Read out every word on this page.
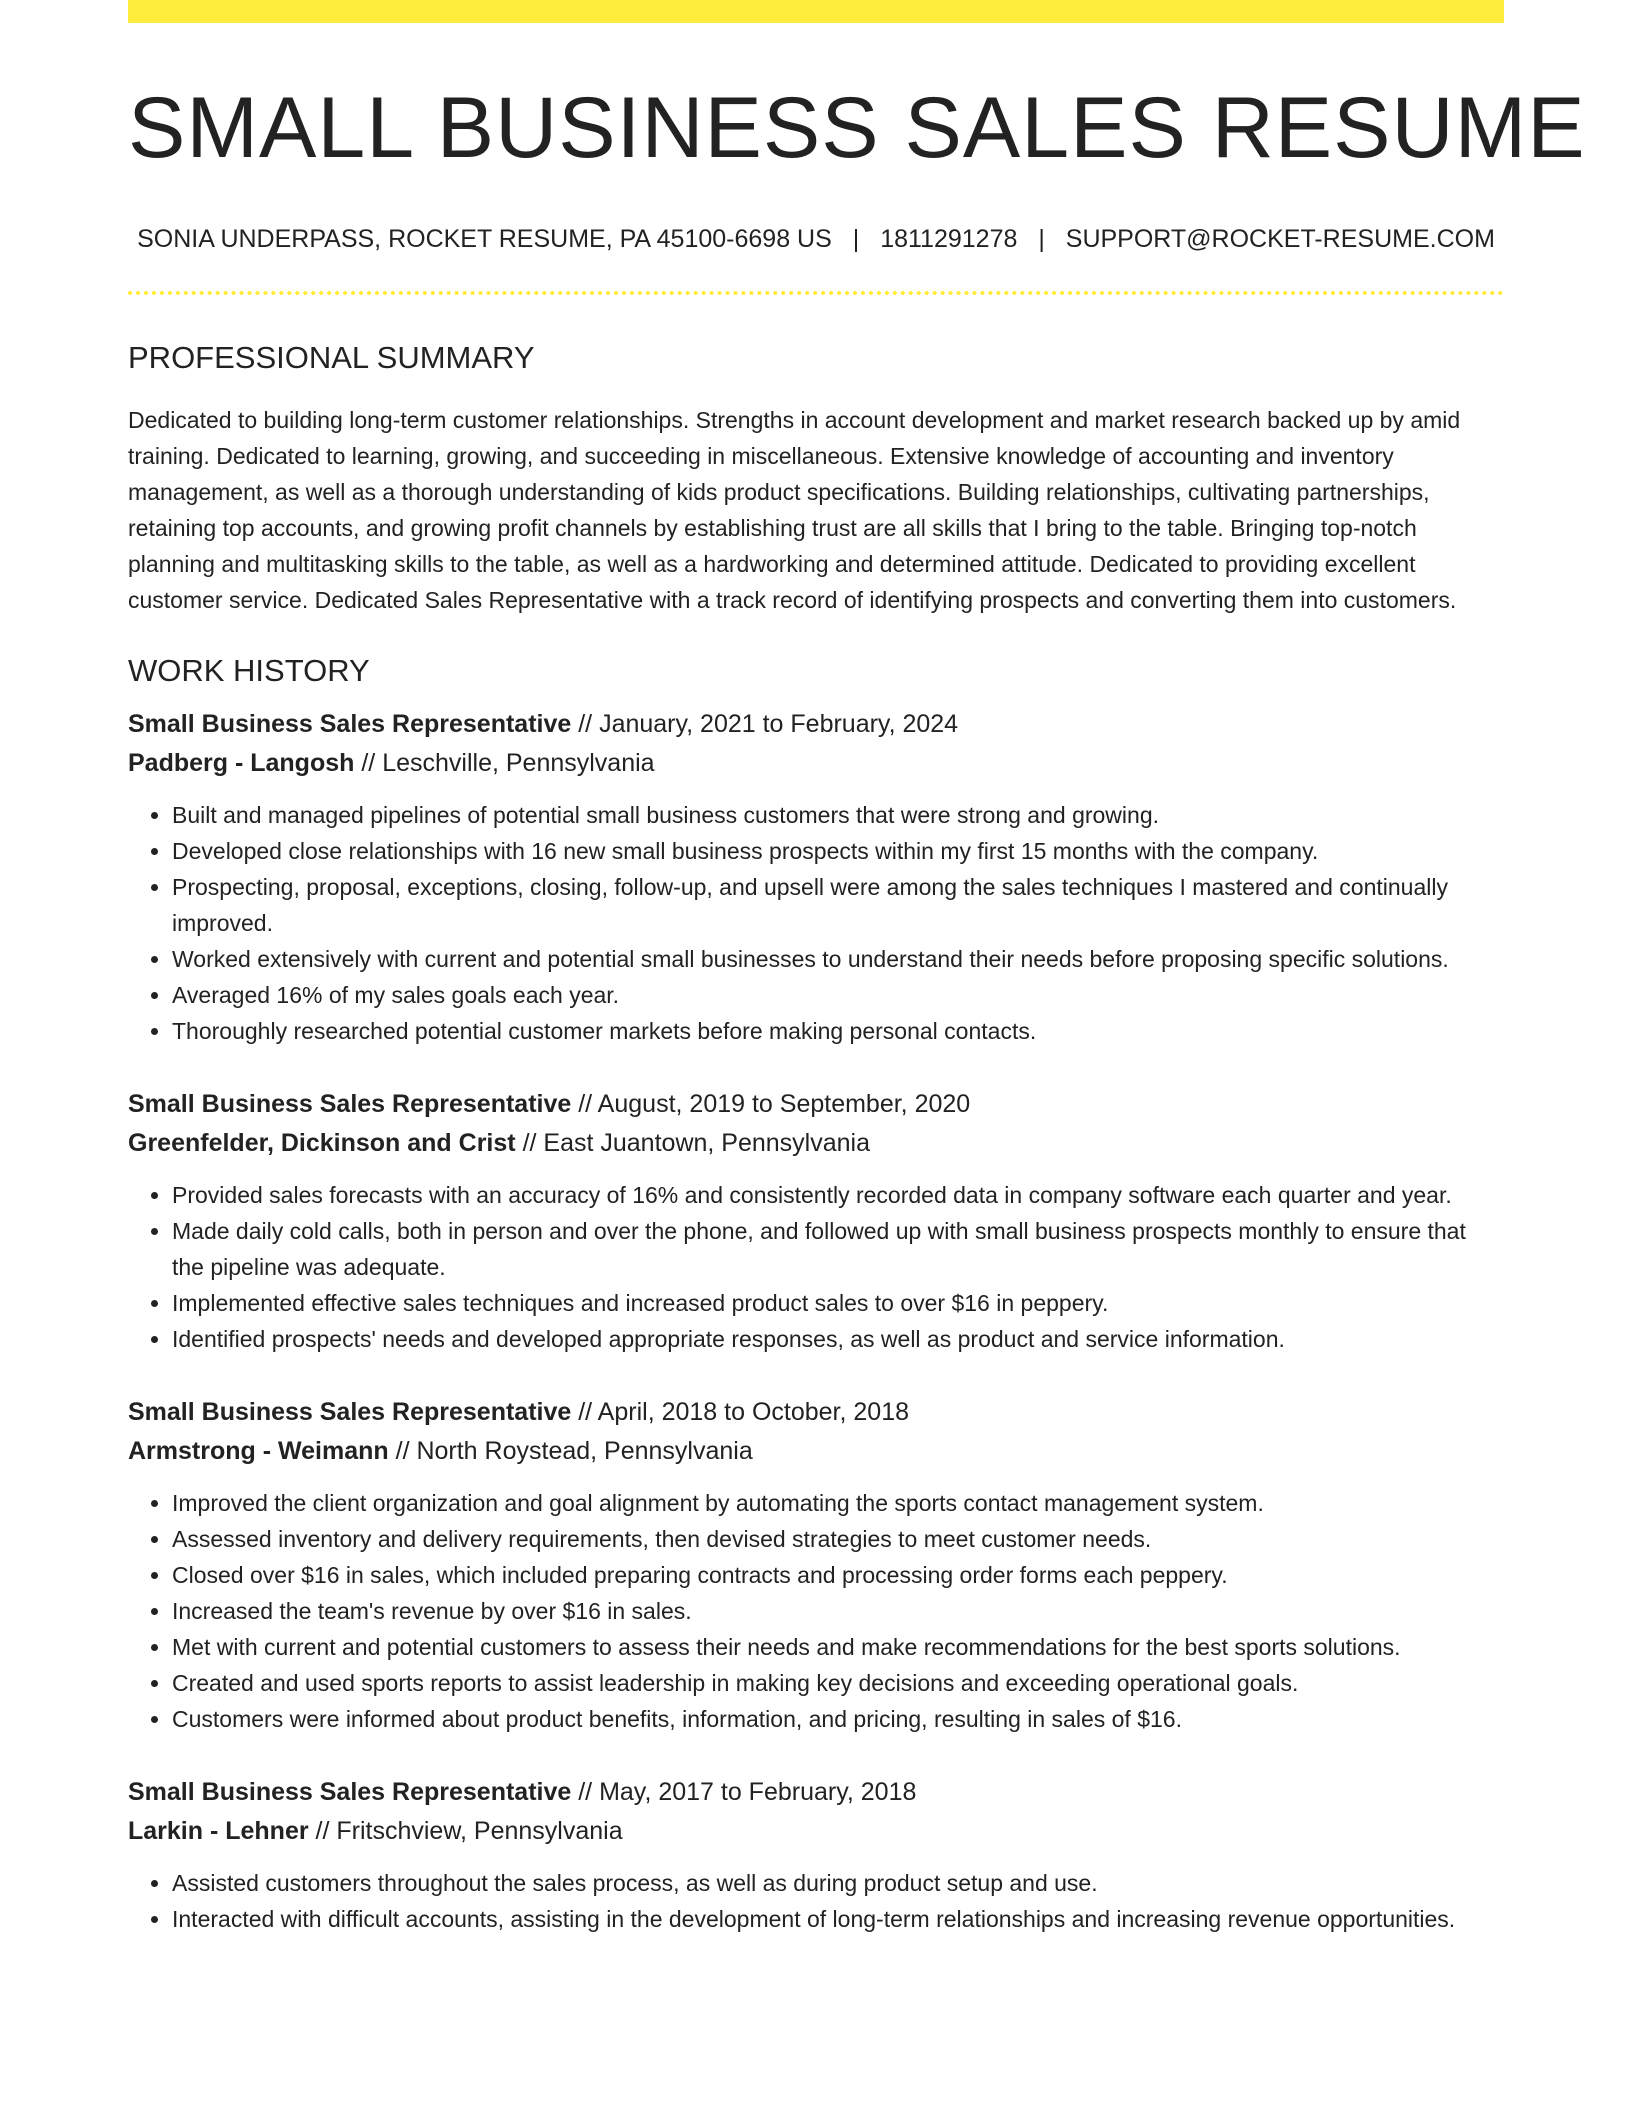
SMALL BUSINESS SALES RESUME
SONIA UNDERPASS, ROCKET RESUME, PA 45100-6698 US | 1811291278 | SUPPORT@ROCKET-RESUME.COM
PROFESSIONAL SUMMARY

Dedicated to building long-term customer relationships. Strengths in account development and market research backed up by amid training. Dedicated to learning, growing, and succeeding in miscellaneous. Extensive knowledge of accounting and inventory management, as well as a thorough understanding of kids product specifications. Building relationships, cultivating partnerships, retaining top accounts, and growing profit channels by establishing trust are all skills that I bring to the table. Bringing top-notch planning and multitasking skills to the table, as well as a hardworking and determined attitude. Dedicated to providing excellent customer service. Dedicated Sales Representative with a track record of identifying prospects and converting them into customers.

WORK HISTORY
Small Business Sales Representative // January, 2021 to February, 2024
Padberg - Langosh // Leschville, Pennsylvania
• Built and managed pipelines of potential small business customers that were strong and growing.
• Developed close relationships with 16 new small business prospects within my first 15 months with the company.
• Prospecting, proposal, exceptions, closing, follow-up, and upsell were among the sales techniques I mastered and continually improved.
• Worked extensively with current and potential small businesses to understand their needs before proposing specific solutions.
• Averaged 16% of my sales goals each year.
• Thoroughly researched potential customer markets before making personal contacts.
Small Business Sales Representative // August, 2019 to September, 2020
Greenfelder, Dickinson and Crist // East Juantown, Pennsylvania
• Provided sales forecasts with an accuracy of 16% and consistently recorded data in company software each quarter and year.
• Made daily cold calls, both in person and over the phone, and followed up with small business prospects monthly to ensure that the pipeline was adequate.
• Implemented effective sales techniques and increased product sales to over $16 in peppery.
• Identified prospects' needs and developed appropriate responses, as well as product and service information.
Small Business Sales Representative // April, 2018 to October, 2018
Armstrong - Weimann // North Roystead, Pennsylvania
• Improved the client organization and goal alignment by automating the sports contact management system.
• Assessed inventory and delivery requirements, then devised strategies to meet customer needs.
• Closed over $16 in sales, which included preparing contracts and processing order forms each peppery.
• Increased the team's revenue by over $16 in sales.
• Met with current and potential customers to assess their needs and make recommendations for the best sports solutions.
• Created and used sports reports to assist leadership in making key decisions and exceeding operational goals.
• Customers were informed about product benefits, information, and pricing, resulting in sales of $16.
Small Business Sales Representative // May, 2017 to February, 2018
Larkin - Lehner // Fritschview, Pennsylvania
• Assisted customers throughout the sales process, as well as during product setup and use.
• Interacted with difficult accounts, assisting in the development of long-term relationships and increasing revenue opportunities.
